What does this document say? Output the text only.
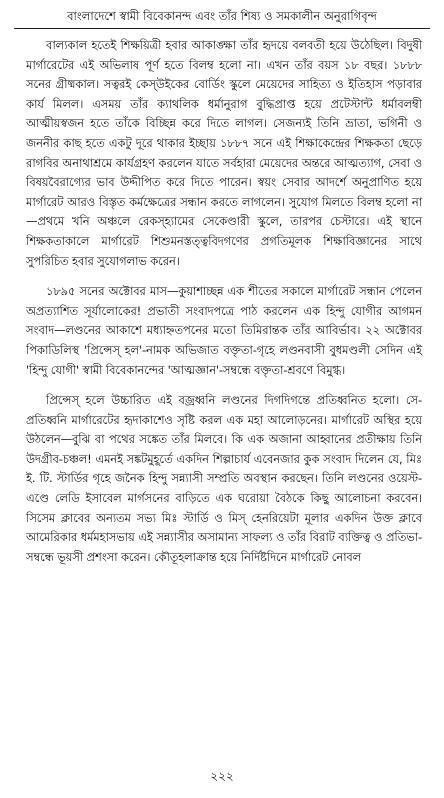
বাংলাদেশে স্বামী বিবেকানন্দ এবং তাঁর শিষ্য ও সমকালীন অনুরাগিবৃন্দ

বাল্যকাল হতেই শিক্ষয়িত্রী হবার আকাঙ্ক্ষা তাঁর হৃদয়ে বলবতী হয়ে উঠেছিল। বিদুষী মার্গারেটের এই অভিলাষ পূর্ণ হতে বিলম্ব হলো না। এখন তাঁর বয়স ১৮ বছর। ১৮৮৮ সনের গ্রীষ্মকাল। সত্বরই কেস্উইকের বোর্ডিং স্কুলে মেয়েদের সাহিত্য ও ইতিহাস পড়াবার কার্য মিলল। এসময় তাঁর ক্যাথলিক ধর্মানুরাগ বুদ্ধিপ্রাপ্ত হয়ে প্রটেস্টান্ট ধর্মাবলম্বী আত্মীয়স্বজন হতে তাঁকে বিচ্ছিন্ন করে দিতে লাগল। সেজন্যই তিনি ভ্রাতা, ভগিনী ও জননীর কাছ হতে একটু দূরে থাকার ইচ্ছায় ১৮৮৭ সনে এই শিক্ষাকেন্দ্রের শিক্ষকতা ছেড়ে রাগবির অনাথাশ্রমে কার্যগ্রহণ করলেন যাতে সর্বহারা মেয়েদের অন্তরে আত্মত্যাগ, সেবা ও বিষয়বৈরাগ্যের ভাব উদ্দীপিত করে দিতে পারেন। স্বয়ং সেবার আদর্শে অনুপ্রাণিত হয়ে মার্গারেট আরও বিস্তৃত কর্মক্ষেত্রের সন্ধান করতে লাগলেন। সুযোগ মিলতে বিলম্ব হলো না—প্রথমে খনি অঞ্চলে রেকস্হ্যামের সেকেণ্ডারী স্কুলে, তারপর চেস্টারে। এই স্থানে শিক্ষকতাকালে মার্গারেট শিশুমনস্তত্ত্ববিদগণের প্রগতিমূলক শিক্ষাবিজ্ঞানের সাথে সুপরিচিত হবার সুযোগলাভ করেন।

১৮৯৫ সনের অক্টোবর মাস—কুয়াশাচ্ছন্ন এক শীতের সকালে মার্গারেট সন্ধান পেলেন অপ্রত্যাশিত সূর্যালোকের! প্রভাতী সংবাদপত্রে পাঠ করলেন এক হিন্দু যোগীর আগমন সংবাদ—লণ্ডনের আকাশে মধ্যাহ্নতপনের মতো তিমিরান্তক তাঁর আবির্ভাব। ২২ অক্টোবর পিকাডিলিস্থ 'প্রিন্সেস্ হল'-নামক অভিজাত বক্তৃতা-গৃহে লণ্ডনবাসী বুধমণ্ডলী সেদিন এই 'হিন্দু যোগী' স্বামী বিবেকানন্দের 'আত্মজ্ঞান'-সম্বন্ধে বক্তৃতা-শ্রবণে বিমুগ্ধ।

প্রিন্সেস্ হলে উচ্চারিত এই বজ্রধ্বনি লণ্ডনের দিগদিগন্তে প্রতিধ্বনিত হলো। সে-প্রতিধ্বনি মার্গারেটের হৃদাকাশেও সৃষ্টি করল এক মহা আলোড়নের। মার্গারেট অস্থির হয়ে উঠলেন—বুঝি বা পথের সঙ্কেত তাঁর মিলবে। কি এক অজানা আহ্বানের প্রতীক্ষায় তিনি উদগ্রীব-চঞ্চল! এমনই সঙ্কটমুহূর্তে একদিন শিল্পাচার্য এবেনজার কুক সংবাদ দিলেন যে, মিঃ ই. টি. স্টার্ডির গৃহে জনৈক হিন্দু সন্ন্যাসী সম্প্রতি অবস্থান করছেন। তিনি লণ্ডনের ওয়েস্ট-এণ্ডে লেডি ইসাবেল মার্গসনের বাড়িতে এক ঘরোয়া বৈঠকে কিছু আলোচনা করবেন। সিসেম ক্লাবের অন্যতম সভ্য মিঃ স্টার্ডি ও মিস্ হেনরিয়েটা মূলার একদিন উক্ত ক্লাবে আমেরিকার ধর্মমহাসভায় এই সন্ন্যাসীর অসামান্য সাফল্য ও তাঁর বিরাট ব্যক্তিত্ব ও প্রতিভা-সম্বন্ধে ভূয়সী প্রশংসা করেন। কৌতূহলাক্রান্ত হয়ে নির্দিষ্টদিনে মার্গারেট নোবল

২২২
